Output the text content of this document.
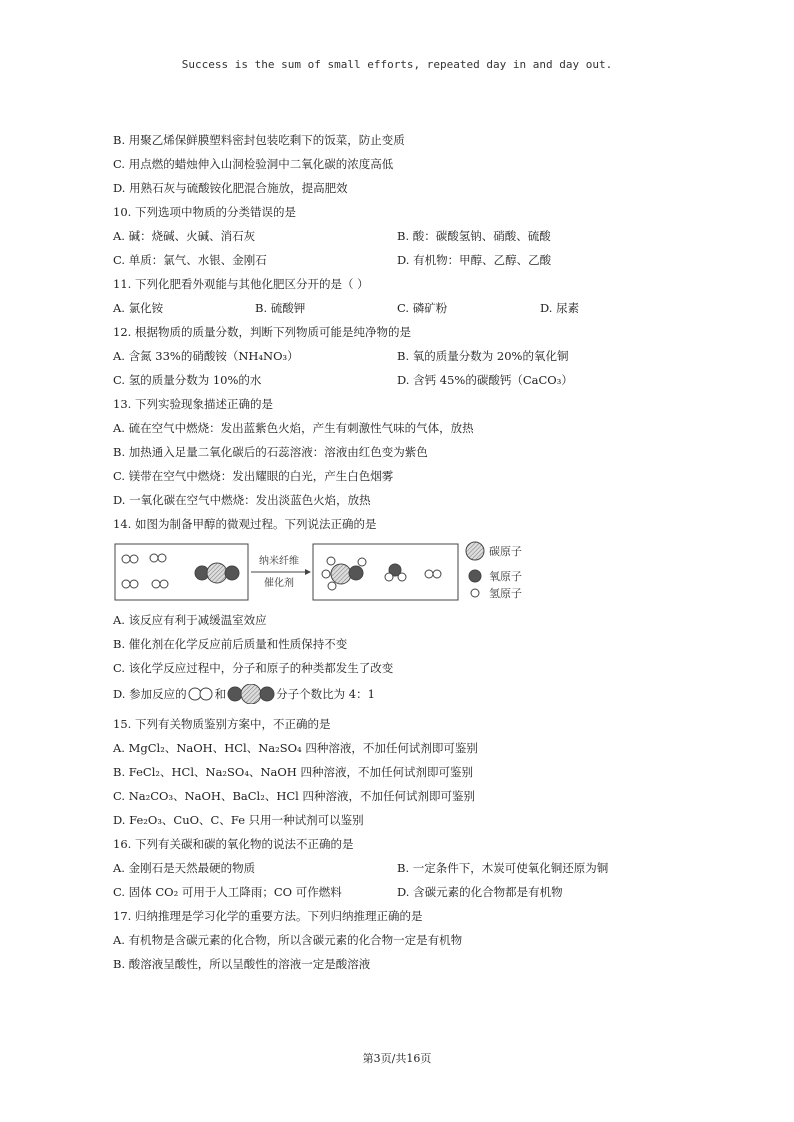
Success is the sum of small efforts, repeated day in and day out.
B. 用聚乙烯保鲜膜塑料密封包装吃剩下的饭菜，防止变质
C. 用点燃的蜡烛伸入山洞检验洞中二氧化碳的浓度高低
D. 用熟石灰与硫酸铵化肥混合施放，提高肥效
10. 下列选项中物质的分类错误的是
A. 碱：烧碱、火碱、消石灰	B. 酸：碳酸氢钠、硝酸、硫酸
C. 单质：氯气、水银、金刚石	D. 有机物：甲醇、乙醇、乙酸
11. 下列化肥看外观能与其他化肥区分开的是（ ）
A. 氯化铵	B. 硫酸钾	C. 磷矿粉	D. 尿素
12. 根据物质的质量分数，判断下列物质可能是纯净物的是
A. 含氮 33%的硝酸铵（NH₄NO₃）	B. 氧的质量分数为 20%的氧化铜
C. 氢的质量分数为 10%的水	D. 含钙 45%的碳酸钙（CaCO₃）
13. 下列实验现象描述正确的是
A. 硫在空气中燃烧：发出蓝紫色火焰，产生有刺激性气味的气体，放热
B. 加热通入足量二氧化碳后的石蕊溶液：溶液由红色变为紫色
C. 镁带在空气中燃烧：发出耀眼的白光，产生白色烟雾
D. 一氧化碳在空气中燃烧：发出淡蓝色火焰，放热
14. 如图为制备甲醇的微观过程。下列说法正确的是
纳米纤维
催化剂
碳原子
氧原子
氢原子
A. 该反应有利于减缓温室效应
B. 催化剂在化学反应前后质量和性质保持不变
C. 该化学反应过程中，分子和原子的种类都发生了改变
D. 参加反应的 和	分子个数比为 4：1
15. 下列有关物质鉴别方案中，不正确的是
A. MgCl₂、NaOH、HCl、Na₂SO₄ 四种溶液，不加任何试剂即可鉴别
B. FeCl₂、HCl、Na₂SO₄、NaOH 四种溶液，不加任何试剂即可鉴别
C. Na₂CO₃、NaOH、BaCl₂、HCl 四种溶液，不加任何试剂即可鉴别
D. Fe₂O₃、CuO、C、Fe 只用一种试剂可以鉴别
16. 下列有关碳和碳的氧化物的说法不正确的是
A. 金刚石是天然最硬的物质	B. 一定条件下，木炭可使氧化铜还原为铜
C. 固体 CO₂ 可用于人工降雨；CO 可作燃料	D. 含碳元素的化合物都是有机物
17. 归纳推理是学习化学的重要方法。下列归纳推理正确的是
A. 有机物是含碳元素的化合物，所以含碳元素的化合物一定是有机物
B. 酸溶液呈酸性，所以呈酸性的溶液一定是酸溶液
第3页/共16页
